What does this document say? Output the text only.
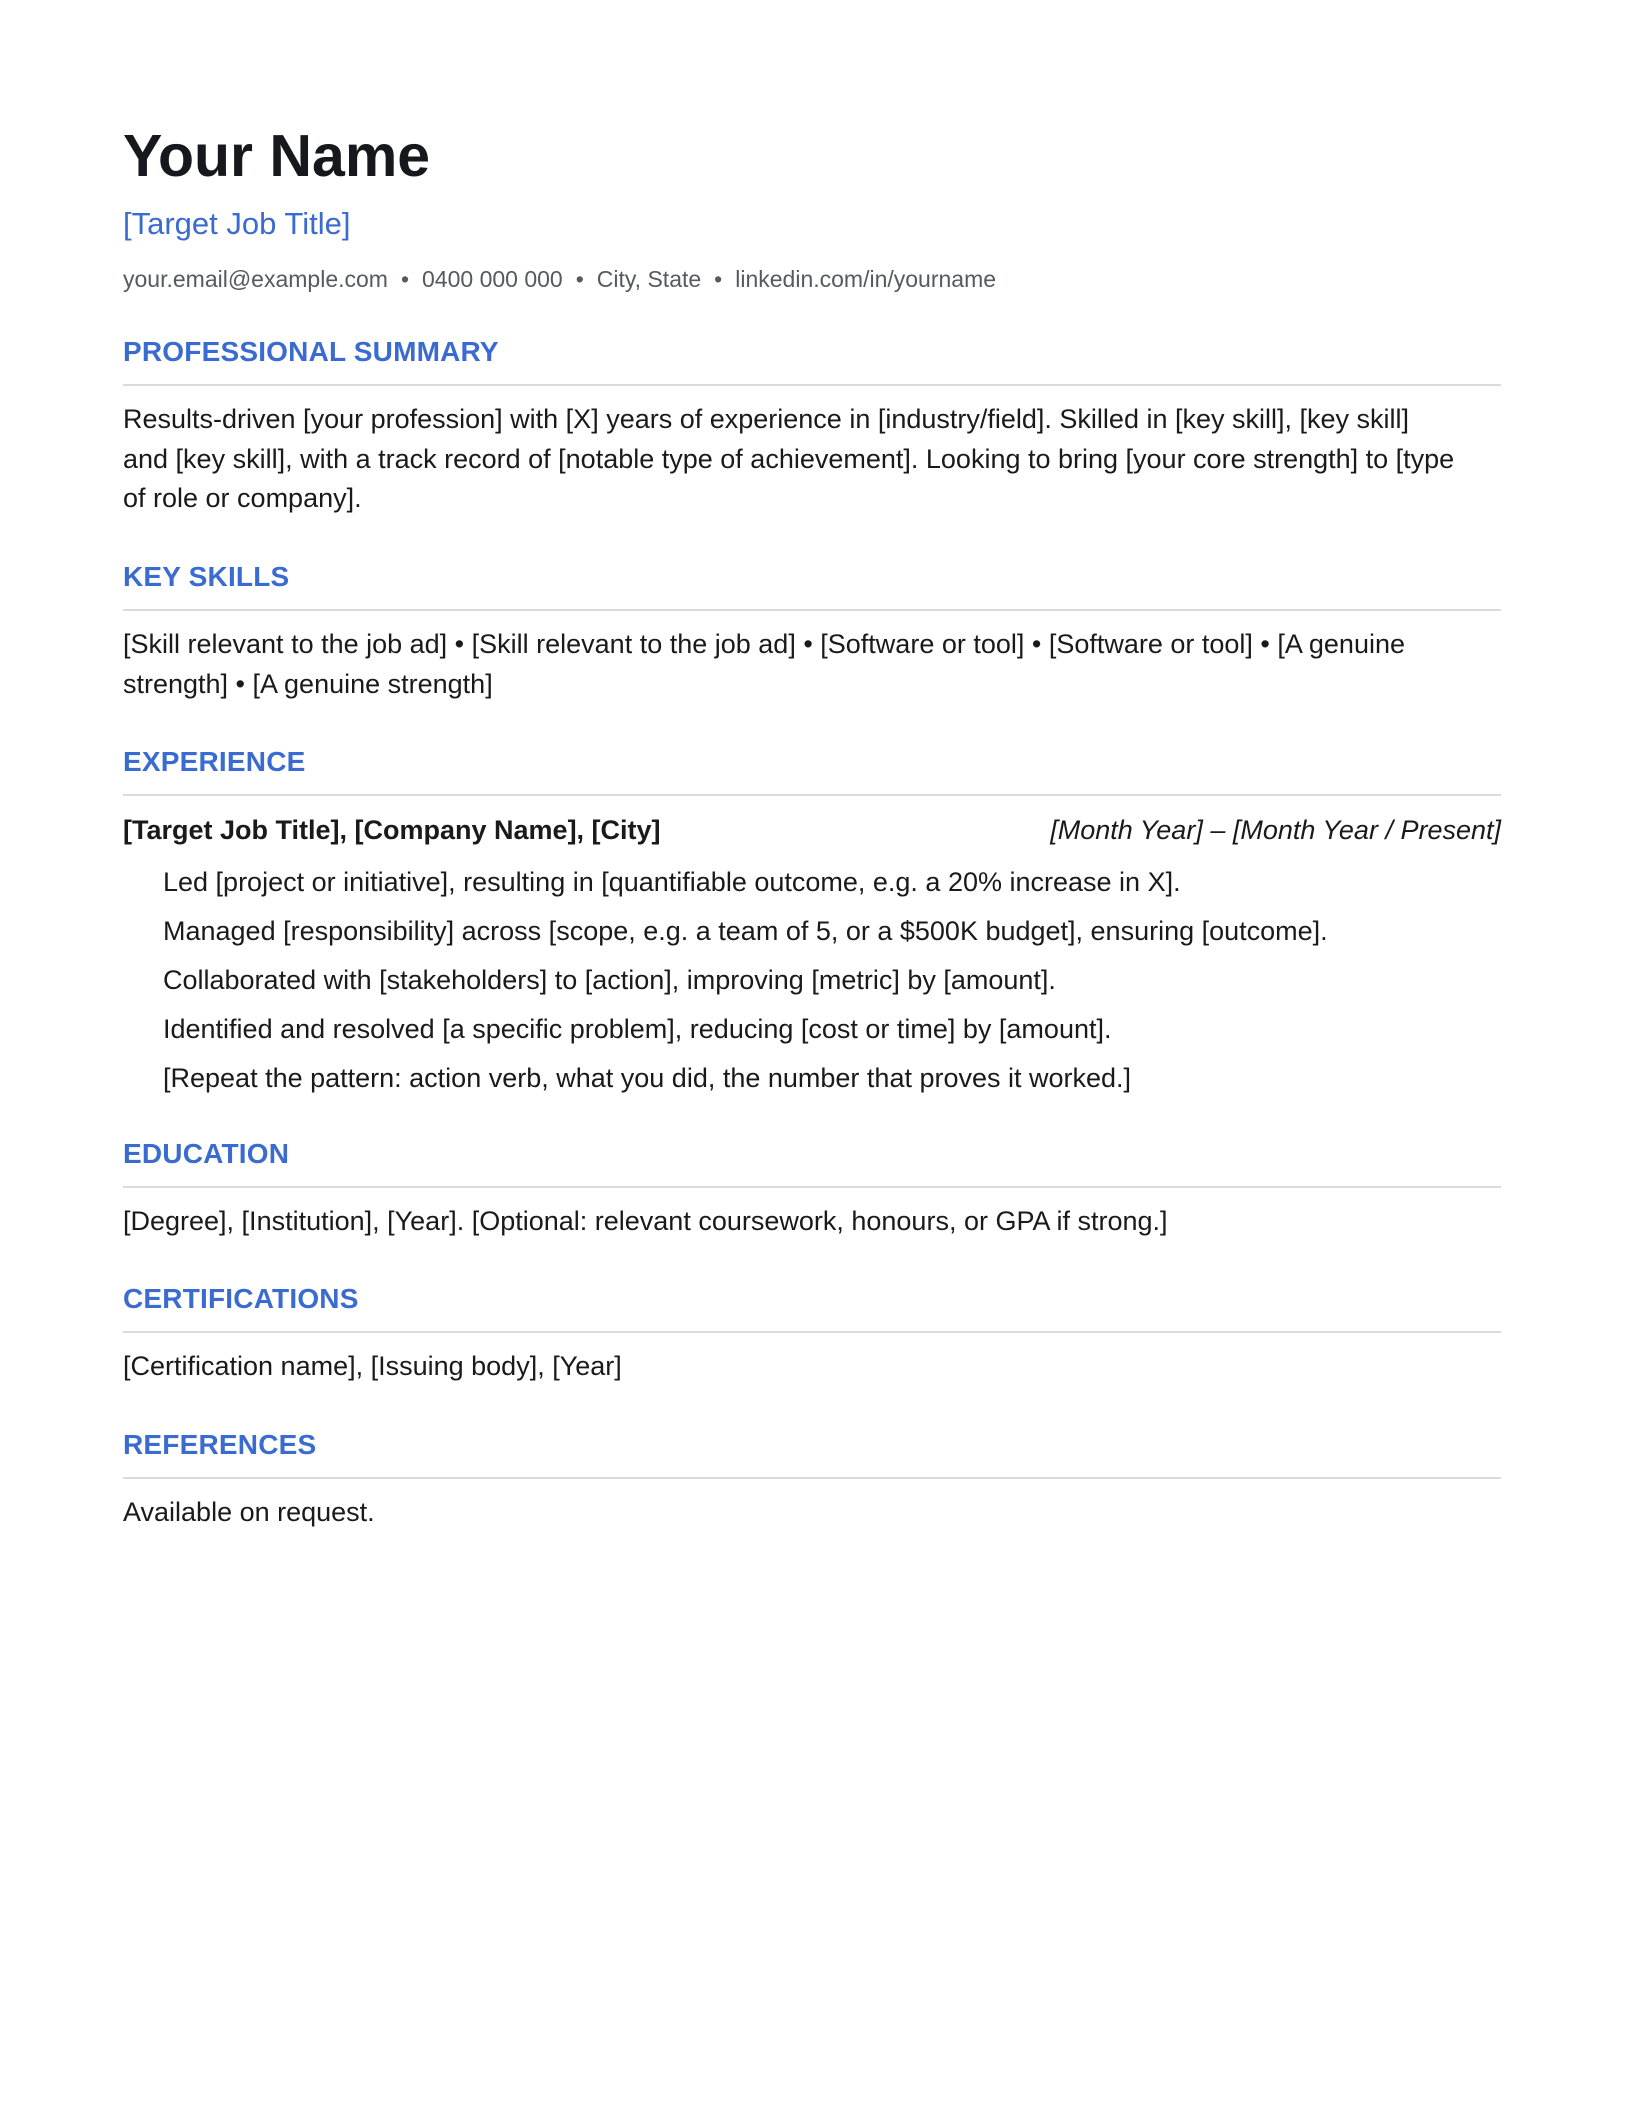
Your Name
[Target Job Title]
your.email@example.com • 0400 000 000 • City, State • linkedin.com/in/yourname
PROFESSIONAL SUMMARY
Results-driven [your profession] with [X] years of experience in [industry/field]. Skilled in [key skill], [key skill]
and [key skill], with a track record of [notable type of achievement]. Looking to bring [your core strength] to [type
of role or company].
KEY SKILLS
[Skill relevant to the job ad] • [Skill relevant to the job ad] • [Software or tool] • [Software or tool] • [A genuine
strength] • [A genuine strength]
EXPERIENCE
[Target Job Title], [Company Name], [City]	[Month Year] – [Month Year / Present]
Led [project or initiative], resulting in [quantifiable outcome, e.g. a 20% increase in X].
Managed [responsibility] across [scope, e.g. a team of 5, or a $500K budget], ensuring [outcome].
Collaborated with [stakeholders] to [action], improving [metric] by [amount].
Identified and resolved [a specific problem], reducing [cost or time] by [amount].
[Repeat the pattern: action verb, what you did, the number that proves it worked.]
EDUCATION
[Degree], [Institution], [Year]. [Optional: relevant coursework, honours, or GPA if strong.]
CERTIFICATIONS
[Certification name], [Issuing body], [Year]
REFERENCES
Available on request.
